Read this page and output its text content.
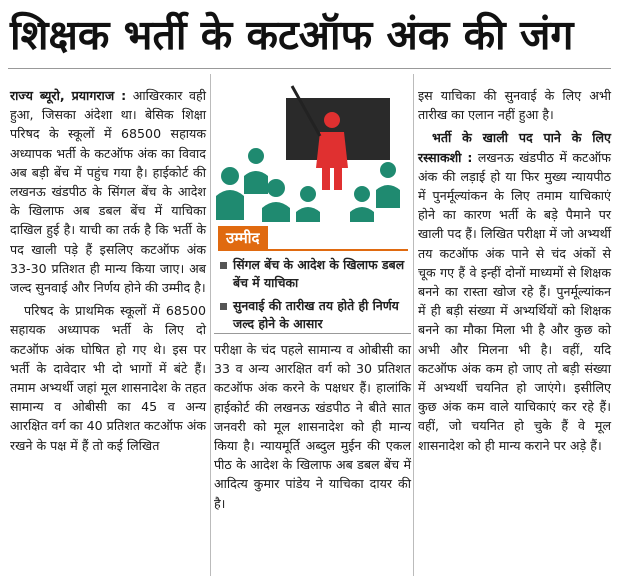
शिक्षक भर्ती के कटऑफ अंक की जंग

राज्य ब्यूरो, प्रयागराज : आखिरकार वही हुआ, जिसका अंदेशा था। बेसिक शिक्षा परिषद के स्कूलों में 68500 सहायक अध्यापक भर्ती के कटऑफ अंक का विवाद अब बड़ी बेंच में पहुंच गया है। हाईकोर्ट की लखनऊ खंडपीठ के सिंगल बेंच के आदेश के खिलाफ अब डबल बेंच में याचिका दाखिल हुई है। याची का तर्क है कि भर्ती के पद खाली पड़े हैं इसलिए कटऑफ अंक 33-30 प्रतिशत ही मान्य किया जाए। अब जल्द सुनवाई और निर्णय होने की उम्मीद है।

परिषद के प्राथमिक स्कूलों में 68500 सहायक अध्यापक भर्ती के लिए दो कटऑफ अंक घोषित हो गए थे। इस पर भर्ती के दावेदार भी दो भागों में बंटे हैं। तमाम अभ्यर्थी जहां मूल शासनादेश के तहत सामान्य व ओबीसी का 45 व अन्य आरक्षित वर्ग का 40 प्रतिशत कटऑफ अंक रखने के पक्ष में हैं तो कई लिखित

उम्मीद
सिंगल बेंच के आदेश के खिलाफ डबल बेंच में याचिका
सुनवाई की तारीख तय होते ही निर्णय जल्द होने के आसार

परीक्षा के चंद पहले सामान्य व ओबीसी का 33 व अन्य आरक्षित वर्ग को 30 प्रतिशत कटऑफ अंक करने के पक्षधर हैं। हालांकि हाईकोर्ट की लखनऊ खंडपीठ ने बीते सात जनवरी को मूल शासनादेश को ही मान्य किया है। न्यायमूर्ति अब्दुल मुईन की एकल पीठ के आदेश के खिलाफ अब डबल बेंच में आदित्य कुमार पांडेय ने याचिका दायर की है।

इस याचिका की सुनवाई के लिए अभी तारीख का एलान नहीं हुआ है।

भर्ती के खाली पद पाने के लिए रस्साकशी : लखनऊ खंडपीठ में कटऑफ अंक की लड़ाई हो या फिर मुख्य न्यायपीठ में पुनर्मूल्यांकन के लिए तमाम याचिकाएं होने का कारण भर्ती के बड़े पैमाने पर खाली पद हैं। लिखित परीक्षा में जो अभ्यर्थी तय कटऑफ अंक पाने से चंद अंकों से चूक गए हैं वे इन्हीं दोनों माध्यमों से शिक्षक बनने का रास्ता खोज रहे हैं। पुनर्मूल्यांकन में ही बड़ी संख्या में अभ्यर्थियों को शिक्षक बनने का मौका मिला भी है और कुछ को अभी और मिलना भी है। वहीं, यदि कटऑफ अंक कम हो जाए तो बड़ी संख्या में अभ्यर्थी चयनित हो जाएंगे। इसीलिए कुछ अंक कम वाले याचिकाएं कर रहे हैं। वहीं, जो चयनित हो चुके हैं वे मूल शासनादेश को ही मान्य कराने पर अड़े हैं।
